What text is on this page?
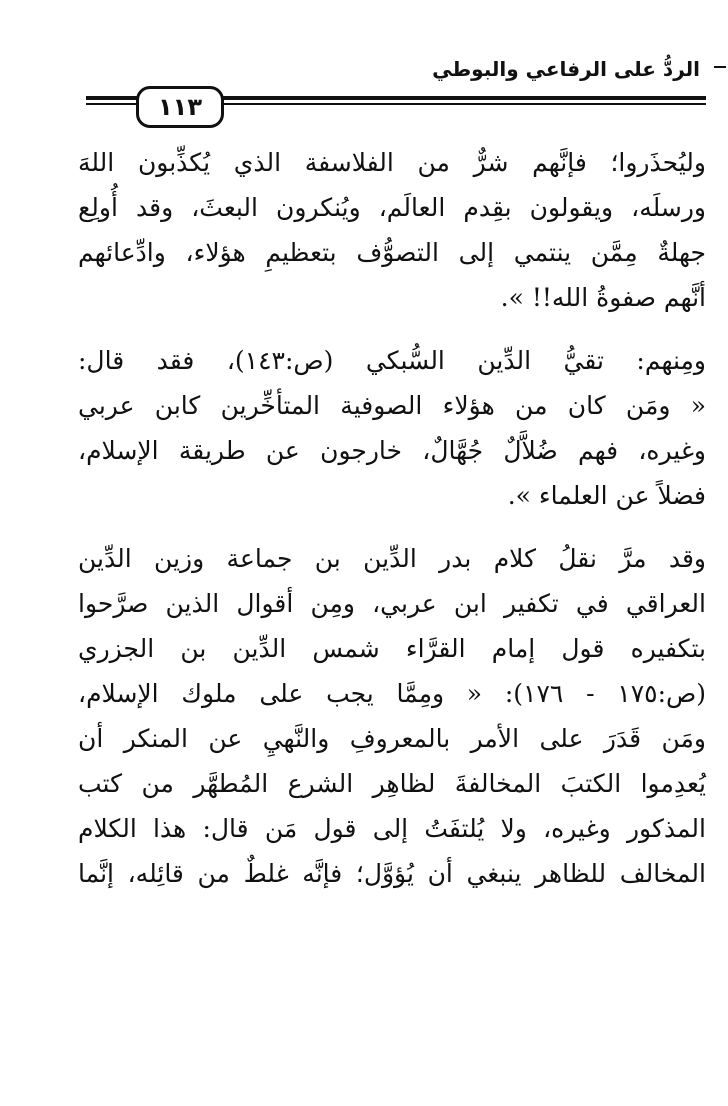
الردُّ على الرفاعي والبوطي
١١٣
وليُحذَروا؛ فإنَّهم شرٌّ من الفلاسفة الذي يُكذِّبون اللهَ
ورسلَه، ويقولون بقِدم العالَم، ويُنكرون البعثَ، وقد أُولِع
جهلةٌ مِمَّن ينتمي إلى التصوُّف بتعظيمِ هؤلاء، وادِّعائهم
أنَّهم صفوةُ الله!! ».
ومِنهم: تقيُّ الدِّين السُّبكي (ص:١٤٣)، فقد قال:
« ومَن كان من هؤلاء الصوفية المتأخِّرين كابن عربي
وغيره، فهم ضُلاَّلٌ جُهَّالٌ، خارجون عن طريقة الإسلام،
فضلاً عن العلماء ».
وقد مرَّ نقلُ كلام بدر الدِّين بن جماعة وزين الدِّين
العراقي في تكفير ابن عربي، ومِن أقوال الذين صرَّحوا
بتكفيره قول إمام القرَّاء شمس الدِّين بن الجزري
(ص:١٧٥ - ١٧٦): « ومِمَّا يجب على ملوك الإسلام،
ومَن قَدَرَ على الأمر بالمعروفِ والنَّهيِ عن المنكر أن
يُعدِموا الكتبَ المخالفةَ لظاهِر الشرع المُطهَّر من كتب
المذكور وغيره، ولا يُلتفَتُ إلى قول مَن قال: هذا الكلام
المخالف للظاهر ينبغي أن يُؤوَّل؛ فإنَّه غلطٌ من قائِله، إنَّما
